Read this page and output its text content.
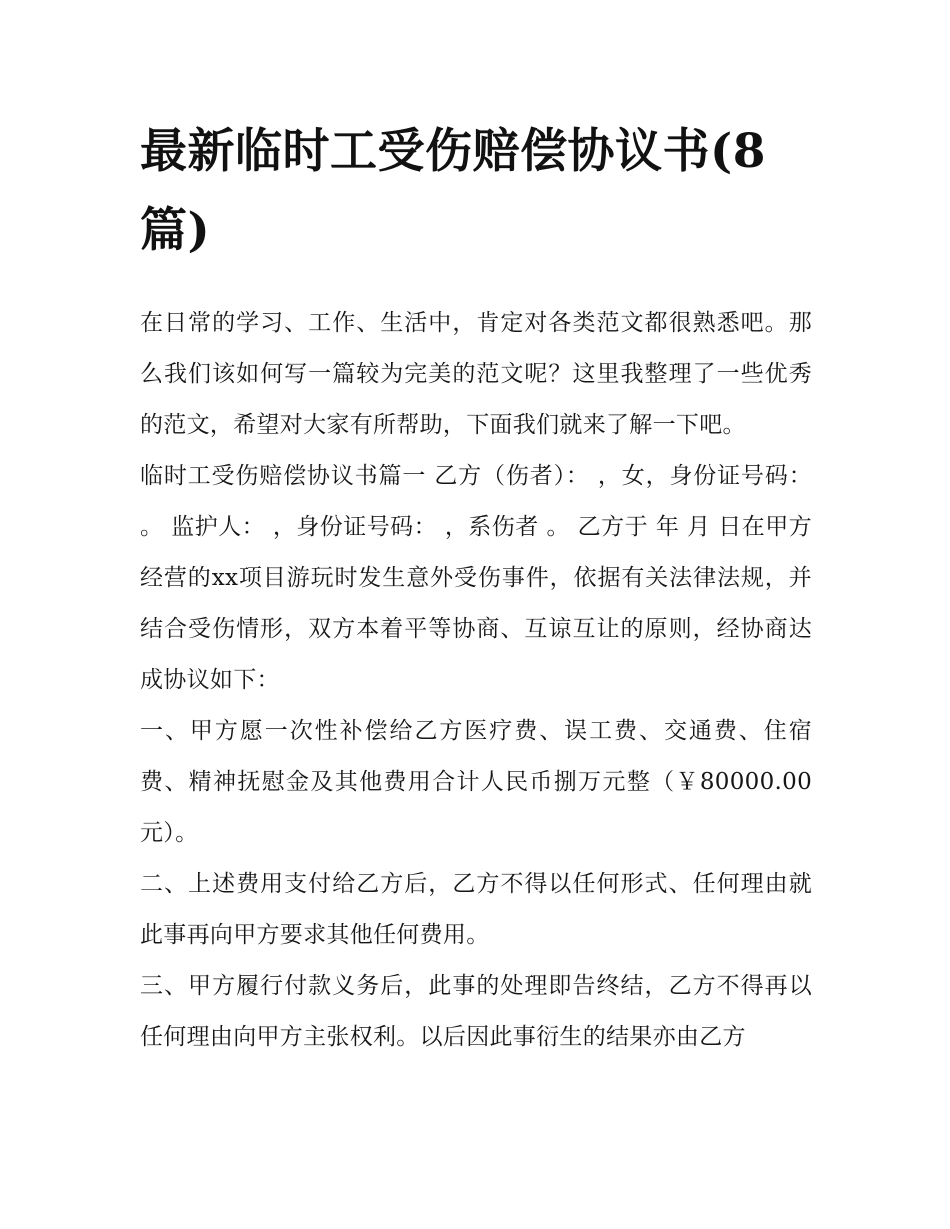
最新临时工受伤赔偿协议书(8篇)

在日常的学习、工作、生活中，肯定对各类范文都很熟悉吧。那么我们该如何写一篇较为完美的范文呢？这里我整理了一些优秀的范文，希望对大家有所帮助，下面我们就来了解一下吧。

临时工受伤赔偿协议书篇一 乙方（伤者）： ，女，身份证号码： 。 监护人： ，身份证号码： ，系伤者 。 乙方于 年 月 日在甲方经营的xx项目游玩时发生意外受伤事件，依据有关法律法规，并结合受伤情形，双方本着平等协商、互谅互让的原则，经协商达成协议如下：

一、甲方愿一次性补偿给乙方医疗费、误工费、交通费、住宿费、精神抚慰金及其他费用合计人民币捌万元整（￥80000.00元）。

二、上述费用支付给乙方后，乙方不得以任何形式、任何理由就此事再向甲方要求其他任何费用。

三、甲方履行付款义务后，此事的处理即告终结，乙方不得再以任何理由向甲方主张权利。以后因此事衍生的结果亦由乙方
